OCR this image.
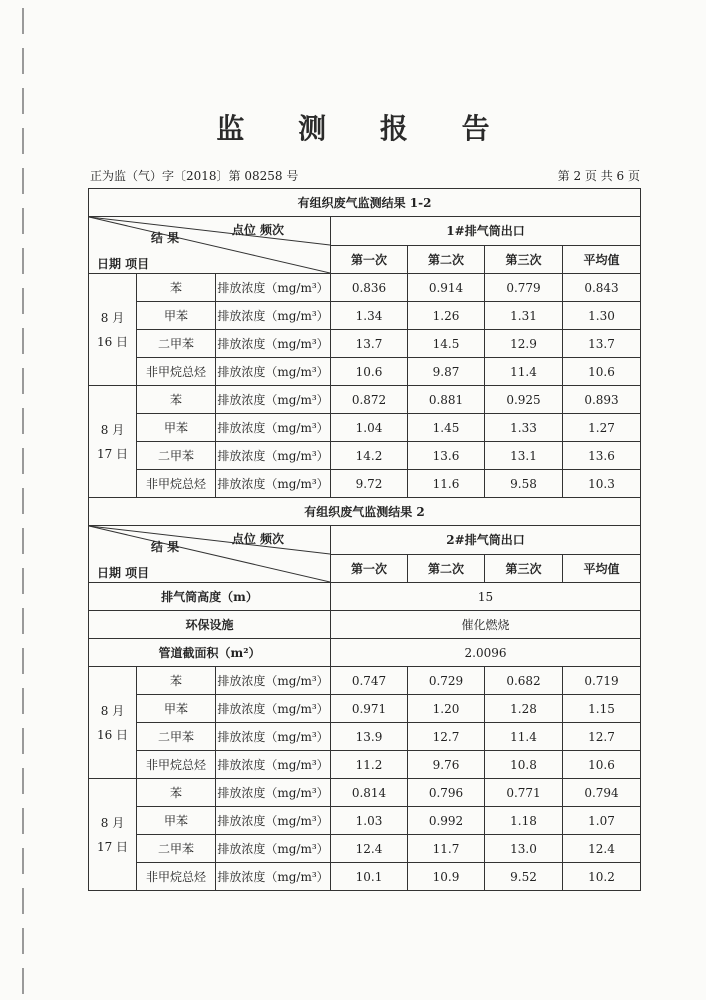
监 测 报 告
正为监（气）字〔2018〕第 08258 号	第 2 页 共 6 页
有组织废气监测结果 1-2						

点位 频次
结 果
日期 项目			1#排气筒出口			
			第一次	第二次	第三次	平均值

8 月
16 日	苯	排放浓度（mg/m³）	0.836	0.914	0.779	0.843
	甲苯	排放浓度（mg/m³）	1.34	1.26	1.31	1.30
	二甲苯	排放浓度（mg/m³）	13.7	14.5	12.9	13.7
	非甲烷总烃	排放浓度（mg/m³）	10.6	9.87	11.4	10.6

8 月
17 日	苯	排放浓度（mg/m³）	0.872	0.881	0.925	0.893
	甲苯	排放浓度（mg/m³）	1.04	1.45	1.33	1.27
	二甲苯	排放浓度（mg/m³）	14.2	13.6	13.1	13.6
	非甲烷总烃	排放浓度（mg/m³）	9.72	11.6	9.58	10.3
有组织废气监测结果 2						

点位 频次
结 果
日期 项目			2#排气筒出口			
			第一次	第二次	第三次	平均值
排气筒高度（m）			15			
环保设施			催化燃烧			
管道截面积（m²）			2.0096			

8 月
16 日	苯	排放浓度（mg/m³）	0.747	0.729	0.682	0.719
	甲苯	排放浓度（mg/m³）	0.971	1.20	1.28	1.15
	二甲苯	排放浓度（mg/m³）	13.9	12.7	11.4	12.7
	非甲烷总烃	排放浓度（mg/m³）	11.2	9.76	10.8	10.6

8 月
17 日	苯	排放浓度（mg/m³）	0.814	0.796	0.771	0.794
	甲苯	排放浓度（mg/m³）	1.03	0.992	1.18	1.07
	二甲苯	排放浓度（mg/m³）	12.4	11.7	13.0	12.4
	非甲烷总烃	排放浓度（mg/m³）	10.1	10.9	9.52	10.2
